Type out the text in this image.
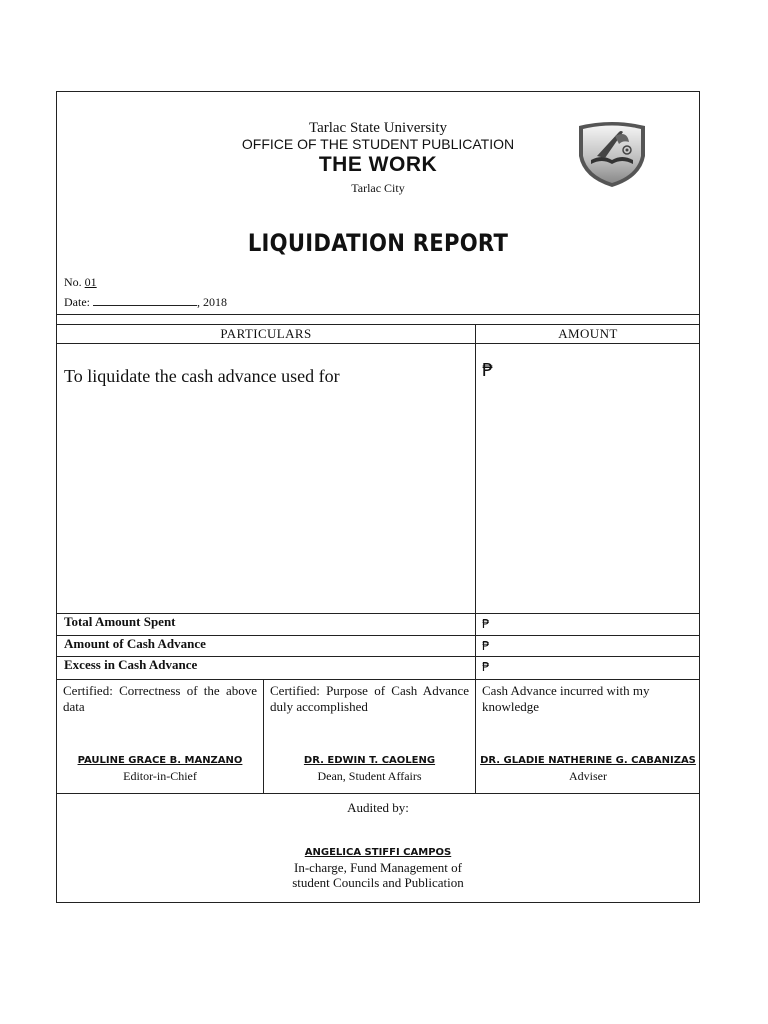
Tarlac State University
OFFICE OF THE STUDENT PUBLICATION
THE WORK
Tarlac City
LIQUIDATION REPORT
No. 01
Date:	, 2018
PARTICULARS	AMOUNT
To liquidate the cash advance used for	₱
Total Amount Spent	₱
Amount of Cash Advance	₱
Excess in Cash Advance	₱
Certified: Correctness of the above data
PAULINE GRACE B. MANZANO
Editor-in-Chief
Certified: Purpose of Cash Advance duly accomplished
DR. EDWIN T. CAOLENG
Dean, Student Affairs
Cash Advance incurred with my knowledge
DR. GLADIE NATHERINE G. CABANIZAS
Adviser
Audited by:
ANGELICA STIFFI CAMPOS
In-charge, Fund Management of
student Councils and Publication
